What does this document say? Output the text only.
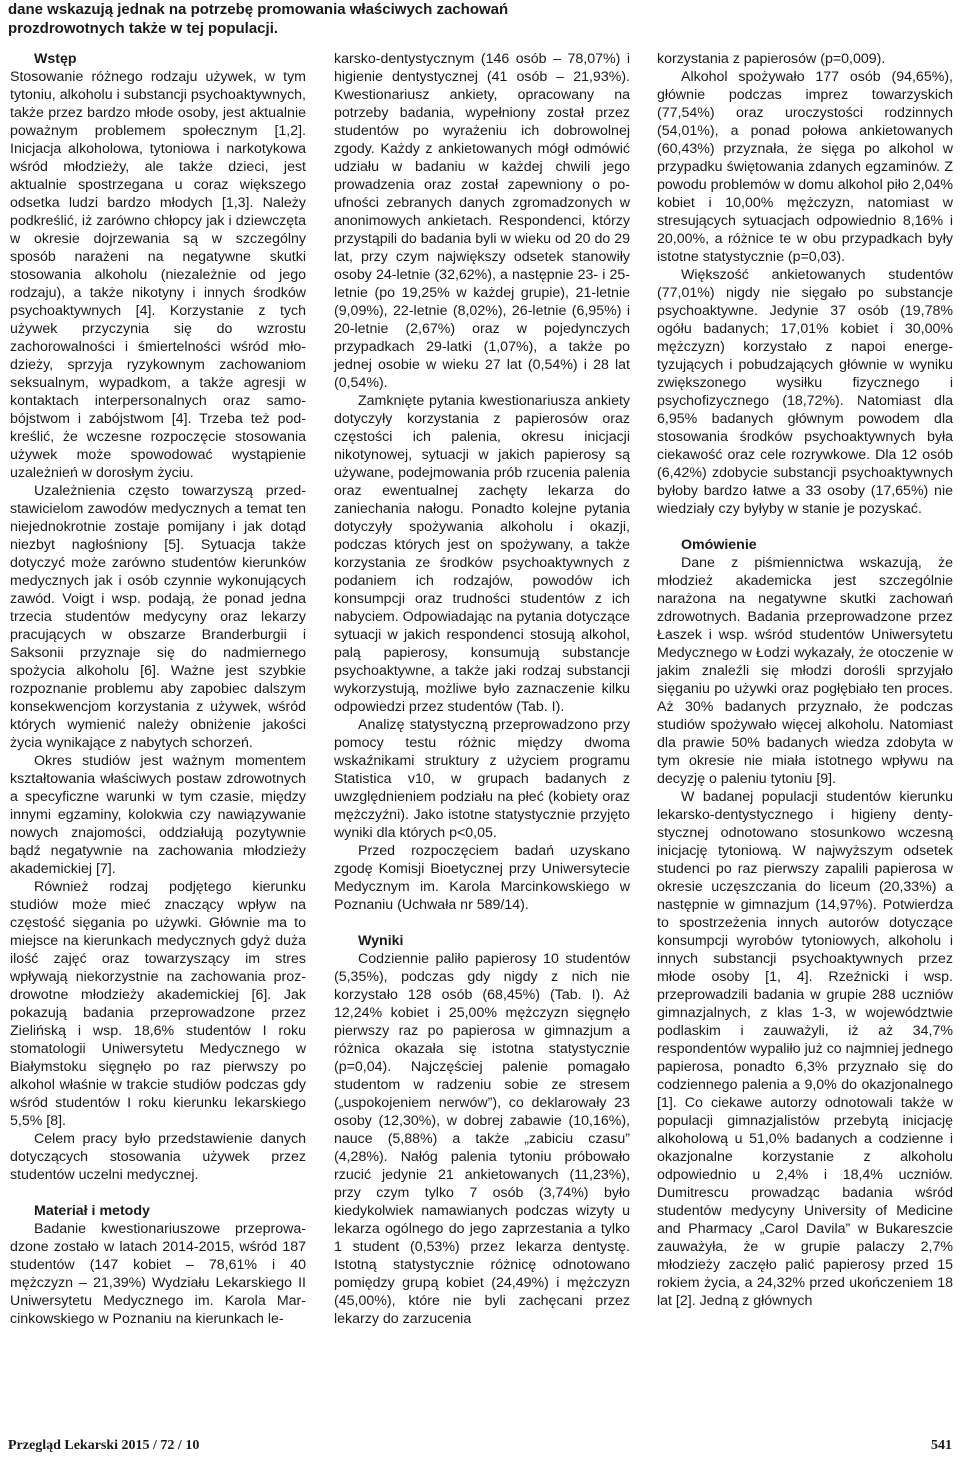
dane wskazują jednak na potrzebę promowania właściwych zachowań prozdrowotnych także w tej populacji.
Wstęp

Stosowanie różnego rodzaju używek, w tym tytoniu, alkoholu i substancji psychoaktywnych, także przez bardzo młode osoby, jest aktualnie poważnym problemem społecznym [1,2]. Inicjacja alkoholowa, tytoniowa i narkotykowa wśród młodzieży, ale także dzieci, jest aktualnie spostrzegana u coraz większego odsetka ludzi bardzo młodych [1,3]. Należy podkreślić, iż zarówno chłopcy jak i dziewczęta w okresie dojrzewania są w szczególny sposób narażeni na negatywne skutki stosowania alkoholu (niezależnie od jego rodzaju), a także nikotyny i innych środków psychoaktywnych [4]. Korzystanie z tych używek przyczynia się do wzrostu zachorowalności i śmiertelności wśród młodzieży, sprzyja ryzykownym zachowaniom seksualnym, wypadkom, a także agresji w kontaktach interpersonalnych oraz samobójstwom i zabójstwom [4]. Trzeba też podkreślić, że wczesne rozpoczęcie stosowania używek może spowodować wystąpienie uzależnień w dorosłym życiu.

Uzależnienia często towarzyszą przedstawicielom zawodów medycznych a temat ten niejednokrotnie zostaje pomijany i jak dotąd niezbyt nagłośniony [5]. Sytuacja także dotyczyć może zarówno studentów kierunków medycznych jak i osób czynnie wykonujących zawód. Voigt i wsp. podają, że ponad jedna trzecia studentów medycyny oraz lekarzy pracujących w obszarze Branderburgii i Saksonii przyznaje się do nadmiernego spożycia alkoholu [6]. Ważne jest szybkie rozpoznanie problemu aby zapobiec dalszym konsekwencjom korzystania z używek, wśród których wymienić należy obniżenie jakości życia wynikające z nabytych schorzeń.

Okres studiów jest ważnym momentem kształtowania właściwych postaw zdrowotnych a specyficzne warunki w tym czasie, między innymi egzaminy, kolokwia czy nawiązywanie nowych znajomości, oddziałują pozytywnie bądź negatywnie na zachowania młodzieży akademickiej [7].

Również rodzaj podjętego kierunku studiów może mieć znaczący wpływ na częstość sięgania po używki. Głównie ma to miejsce na kierunkach medycznych gdyż duża ilość zajęć oraz towarzyszący im stres wpływają niekorzystnie na zachowania prozdrowotne młodzieży akademickiej [6]. Jak pokazują badania przeprowadzone przez Zielińską i wsp. 18,6% studentów I roku stomatologii Uniwersytetu Medycznego w Białymstoku sięgnęło po raz pierwszy po alkohol właśnie w trakcie studiów podczas gdy wśród studentów I roku kierunku lekarskiego 5,5% [8].

Celem pracy było przedstawienie danych dotyczących stosowania używek przez studentów uczelni medycznej.

Materiał i metody

Badanie kwestionariuszowe przeprowadzone zostało w latach 2014-2015, wśród 187 studentów (147 kobiet – 78,61% i 40 mężczyzn – 21,39%) Wydziału Lekarskiego II Uniwersytetu Medycznego im. Karola Marcinkowskiego w Poznaniu na kierunkach le-

karsko-dentystycznym (146 osób – 78,07%) i higienie dentystycznej (41 osób – 21,93%). Kwestionariusz ankiety, opracowany na potrzeby badania, wypełniony został przez studentów po wyrażeniu ich dobrowolnej zgody. Każdy z ankietowanych mógł odmówić udziału w badaniu w każdej chwili jego prowadzenia oraz został zapewniony o poufności zebranych danych zgromadzonych w anonimowych ankietach. Respondenci, którzy przystąpili do badania byli w wieku od 20 do 29 lat, przy czym największy odsetek stanowiły osoby 24-letnie (32,62%), a następnie 23- i 25-letnie (po 19,25% w każdej grupie), 21-letnie (9,09%), 22-letnie (8,02%), 26-letnie (6,95%) i 20-letnie (2,67%) oraz w pojedynczych przypadkach 29-latki (1,07%), a także po jednej osobie w wieku 27 lat (0,54%) i 28 lat (0,54%).

Zamknięte pytania kwestionariusza ankiety dotyczyły korzystania z papierosów oraz częstości ich palenia, okresu inicjacji nikotynowej, sytuacji w jakich papierosy są używane, podejmowania prób rzucenia palenia oraz ewentualnej zachęty lekarza do zaniechania nałogu. Ponadto kolejne pytania dotyczyły spożywania alkoholu i okazji, podczas których jest on spożywany, a także korzystania ze środków psychoaktywnych z podaniem ich rodzajów, powodów ich konsumpcji oraz trudności studentów z ich nabyciem. Odpowiadając na pytania dotyczące sytuacji w jakich respondenci stosują alkohol, palą papierosy, konsumują substancje psychoaktywne, a także jaki rodzaj substancji wykorzystują, możliwe było zaznaczenie kilku odpowiedzi przez studentów (Tab. I).

Analizę statystyczną przeprowadzono przy pomocy testu różnic między dwoma wskaźnikami struktury z użyciem programu Statistica v10, w grupach badanych z uwzględnieniem podziału na płeć (kobiety oraz mężczyźni). Jako istotne statystycznie przyjęto wyniki dla których p<0,05.

Przed rozpoczęciem badań uzyskano zgodę Komisji Bioetycznej przy Uniwersytecie Medycznym im. Karola Marcinkowskiego w Poznaniu (Uchwała nr 589/14).

Wyniki

Codziennie paliło papierosy 10 studentów (5,35%), podczas gdy nigdy z nich nie korzystało 128 osób (68,45%) (Tab. I). Aż 12,24% kobiet i 25,00% mężczyzn sięgnęło pierwszy raz po papierosa w gimnazjum a różnica okazała się istotna statystycznie (p=0,04). Najczęściej palenie pomagało studentom w radzeniu sobie ze stresem („uspokojeniem nerwów”), co deklarowały 23 osoby (12,30%), w dobrej zabawie (10,16%), nauce (5,88%) a także „zabiciu czasu” (4,28%). Nałóg palenia tytoniu próbowało rzucić jedynie 21 ankietowanych (11,23%), przy czym tylko 7 osób (3,74%) było kiedykolwiek namawianych podczas wizyty u lekarza ogólnego do jego zaprzestania a tylko 1 student (0,53%) przez lekarza dentystę. Istotną statystycznie różnicę odnotowano pomiędzy grupą kobiet (24,49%) i mężczyzn (45,00%), które nie byli zachęcani przez lekarzy do zarzucenia

korzystania z papierosów (p=0,009).

Alkohol spożywało 177 osób (94,65%), głównie podczas imprez towarzyskich (77,54%) oraz uroczystości rodzinnych (54,01%), a ponad połowa ankietowanych (60,43%) przyznała, że sięga po alkohol w przypadku świętowania zdanych egzaminów. Z powodu problemów w domu alkohol piło 2,04% kobiet i 10,00% mężczyzn, natomiast w stresujących sytuacjach odpowiednio 8,16% i 20,00%, a różnice te w obu przypadkach były istotne statystycznie (p=0,03).

Większość ankietowanych studentów (77,01%) nigdy nie sięgało po substancje psychoaktywne. Jedynie 37 osób (19,78% ogółu badanych; 17,01% kobiet i 30,00% mężczyzn) korzystało z napoi energetyzujących i pobudzających głównie w wyniku zwiększonego wysiłku fizycznego i psychofizycznego (18,72%). Natomiast dla 6,95% badanych głównym powodem dla stosowania środków psychoaktywnych była ciekawość oraz cele rozrywkowe. Dla 12 osób (6,42%) zdobycie substancji psychoaktywnych byłoby bardzo łatwe a 33 osoby (17,65%) nie wiedziały czy byłyby w stanie je pozyskać.

Omówienie

Dane z piśmiennictwa wskazują, że młodzież akademicka jest szczególnie narażona na negatywne skutki zachowań zdrowotnych. Badania przeprowadzone przez Łaszek i wsp. wśród studentów Uniwersytetu Medycznego w Łodzi wykazały, że otoczenie w jakim znaleźli się młodzi dorośli sprzyjało sięganiu po używki oraz pogłębiało ten proces. Aż 30% badanych przyznało, że podczas studiów spożywało więcej alkoholu. Natomiast dla prawie 50% badanych wiedza zdobyta w tym okresie nie miała istotnego wpływu na decyzję o paleniu tytoniu [9].

W badanej populacji studentów kierunku lekarsko-dentystycznego i higieny dentystycznej odnotowano stosunkowo wczesną inicjację tytoniową. W najwyższym odsetek studenci po raz pierwszy zapalili papierosa w okresie uczęszczania do liceum (20,33%) a następnie w gimnazjum (14,97%). Potwierdza to spostrzeżenia innych autorów dotyczące konsumpcji wyrobów tytoniowych, alkoholu i innych substancji psychoaktywnych przez młode osoby [1, 4]. Rzeźnicki i wsp. przeprowadzili badania w grupie 288 uczniów gimnazjalnych, z klas 1-3, w województwie podlaskim i zauważyli, iż aż 34,7% respondentów wypaliło już co najmniej jednego papierosa, ponadto 6,3% przyznało się do codziennego palenia a 9,0% do okazjonalnego [1]. Co ciekawe autorzy odnotowali także w populacji gimnazjalistów przebytą inicjację alkoholową u 51,0% badanych a codzienne i okazjonalne korzystanie z alkoholu odpowiednio u 2,4% i 18,4% uczniów. Dumitrescu prowadząc badania wśród studentów medycyny University of Medicine and Pharmacy „Carol Davila” w Bukareszcie zauważyła, że w grupie palaczy 2,7% młodzieży zaczęło palić papierosy przed 15 rokiem życia, a 24,32% przed ukończeniem 18 lat [2]. Jedną z głównych

Przegląd Lekarski 2015 / 72 / 10	541
